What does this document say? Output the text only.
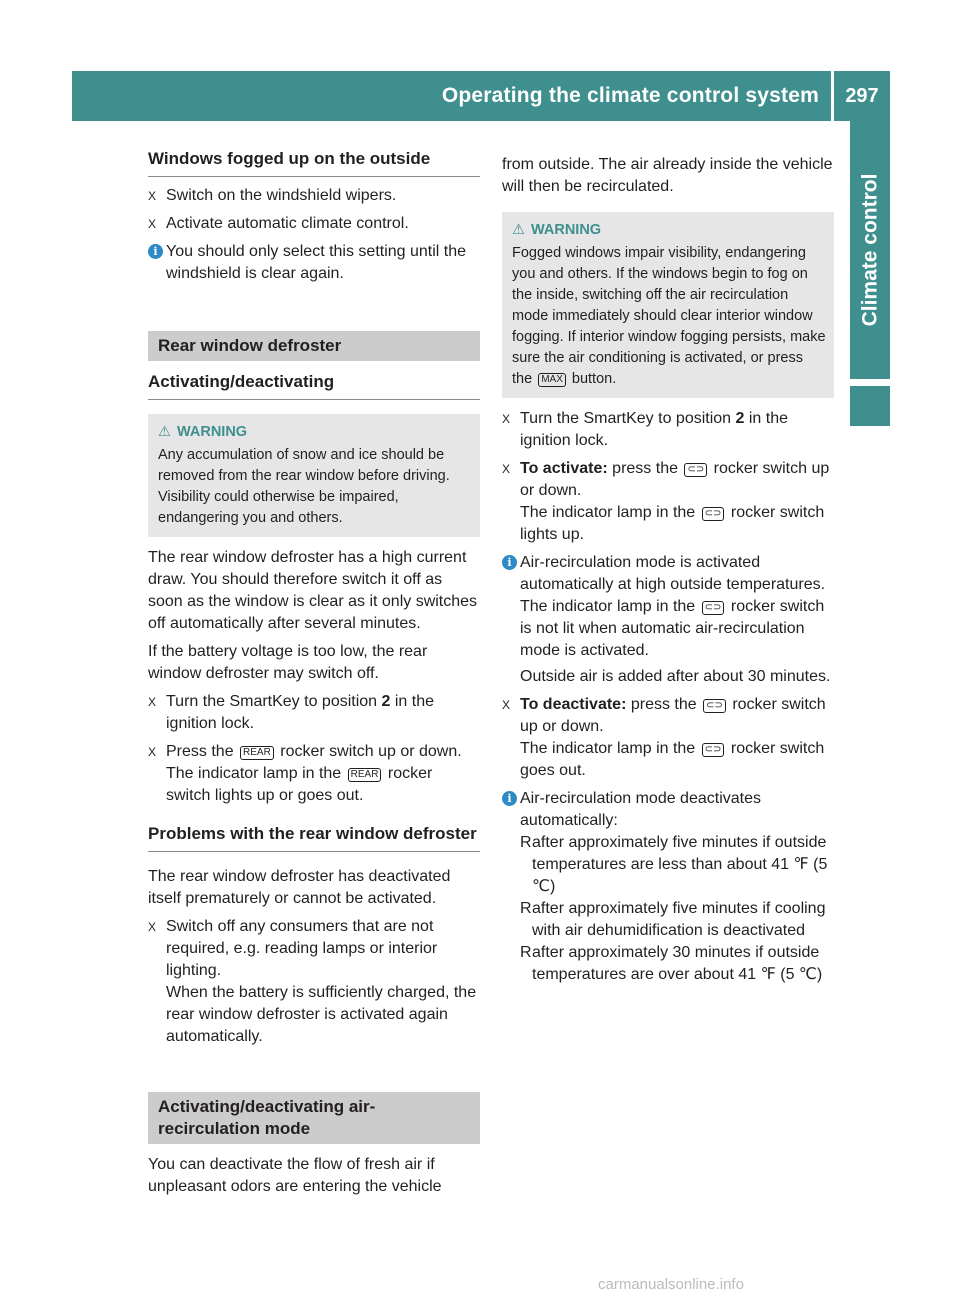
Operating the climate control system	297
Climate control
Windows fogged up on the outside
X Switch on the windshield wipers.
X Activate automatic climate control.
i You should only select this setting until the windshield is clear again.
Rear window defroster
Activating/deactivating
⚠ WARNING
Any accumulation of snow and ice should be removed from the rear window before driving. Visibility could otherwise be impaired, endangering you and others.

The rear window defroster has a high current draw. You should therefore switch it off as soon as the window is clear as it only switches off automatically after several minutes.

If the battery voltage is too low, the rear window defroster may switch off.

X Turn the SmartKey to position 2 in the ignition lock.
X Press the REAR rocker switch up or down.
The indicator lamp in the REAR rocker switch lights up or goes out.
Problems with the rear window defroster

The rear window defroster has deactivated itself prematurely or cannot be activated.

X Switch off any consumers that are not required, e.g. reading lamps or interior lighting.
When the battery is sufficiently charged, the rear window defroster is activated again automatically.
Activating/deactivating air-recirculation mode

You can deactivate the flow of fresh air if unpleasant odors are entering the vehicle

from outside. The air already inside the vehicle will then be recirculated.

⚠ WARNING
Fogged windows impair visibility, endangering you and others. If the windows begin to fog on the inside, switching off the air recirculation mode immediately should clear interior window fogging. If interior window fogging persists, make sure the air conditioning is activated, or press the MAX button.
X Turn the SmartKey to position 2 in the ignition lock.
X To activate: press the ⊂⊃ rocker switch up or down.
The indicator lamp in the ⊂⊃ rocker switch lights up.
i Air-recirculation mode is activated automatically at high outside temperatures. The indicator lamp in the ⊂⊃ rocker switch is not lit when automatic air-recirculation mode is activated.
Outside air is added after about 30 minutes.
X To deactivate: press the ⊂⊃ rocker switch up or down.
The indicator lamp in the ⊂⊃ rocker switch goes out.
i Air-recirculation mode deactivates automatically:
R after approximately five minutes if outside temperatures are less than about 41 ℉ (5 ℃)
R after approximately five minutes if cooling with air dehumidification is deactivated
R after approximately 30 minutes if outside temperatures are over about 41 ℉ (5 ℃)
carmanualsonline.info
